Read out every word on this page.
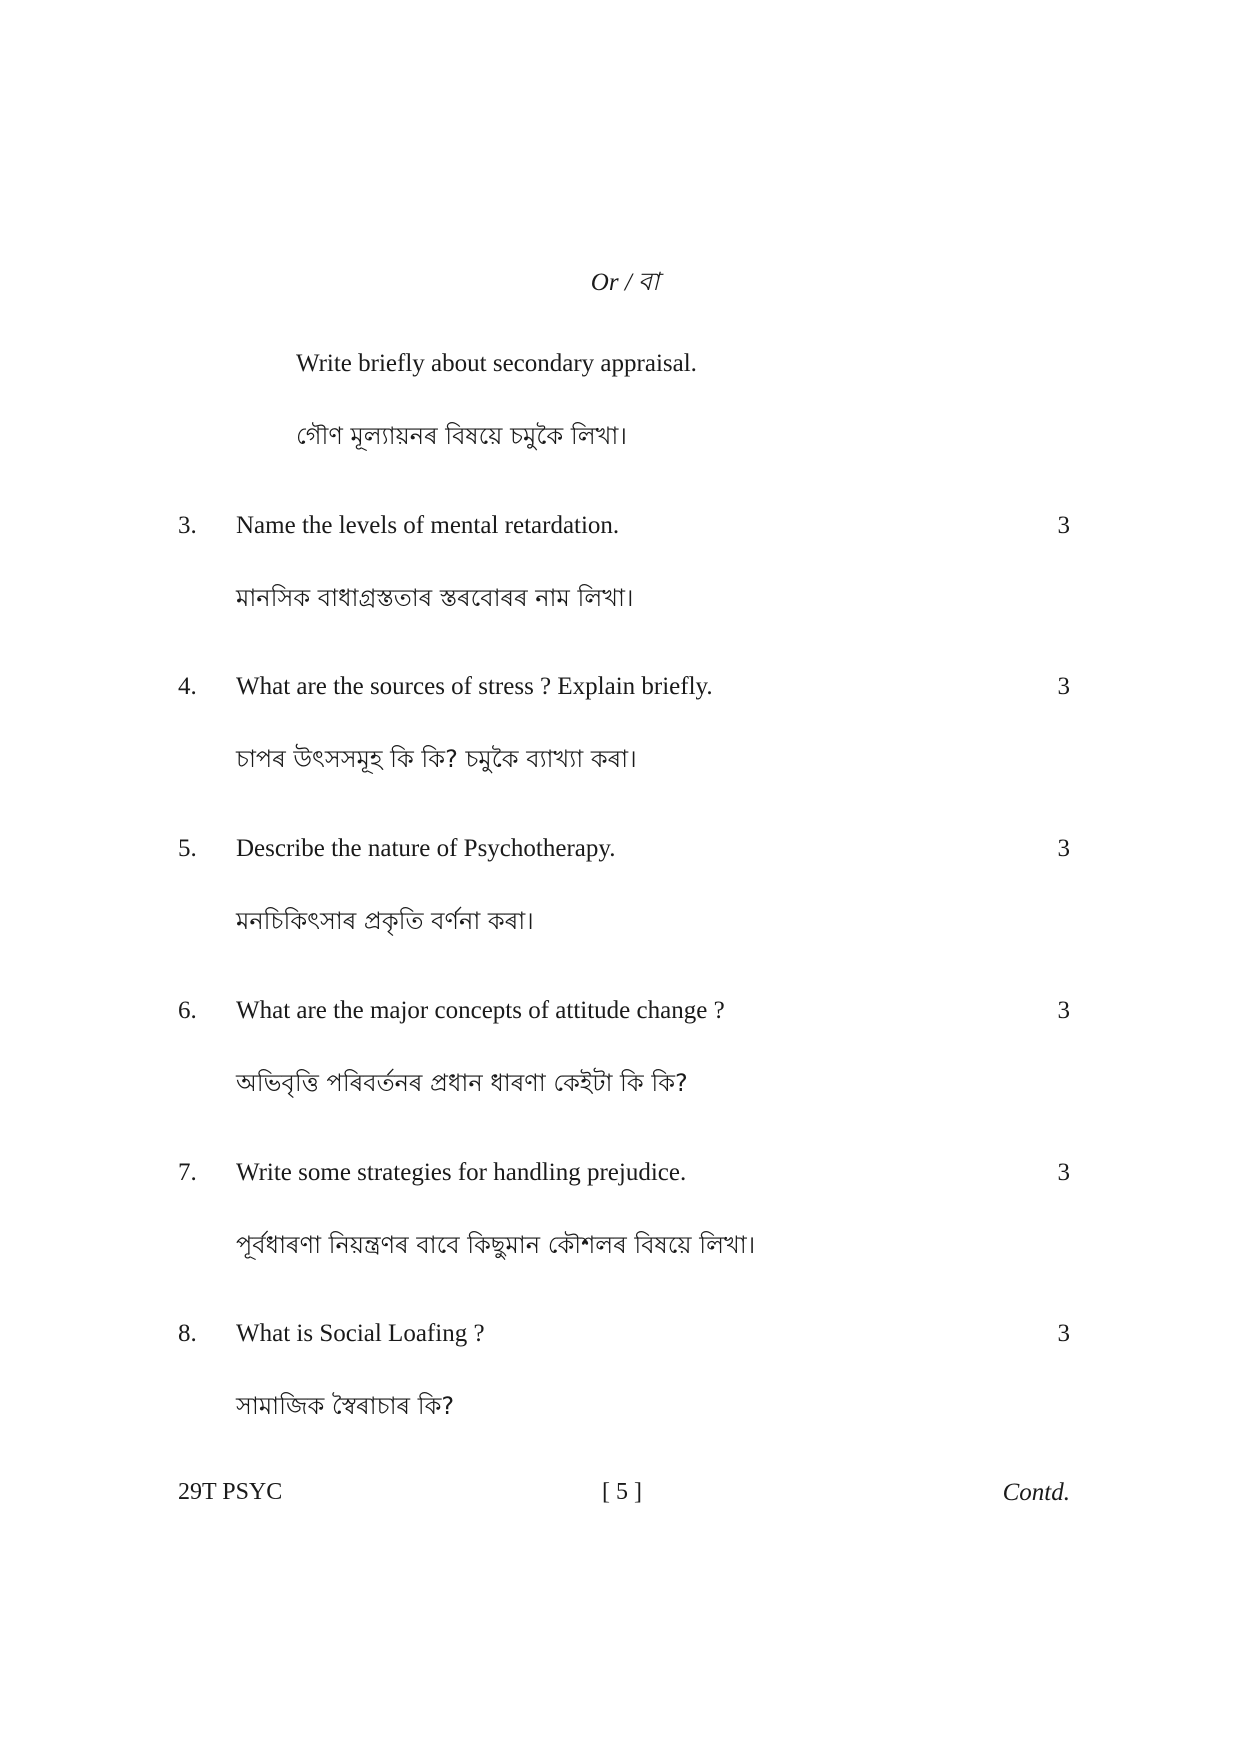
Or / বা
Write briefly about secondary appraisal.
গৌণ মূল্যায়নৰ বিষয়ে চমুকৈ লিখা।
3. Name the levels of mental retardation.	3
মানসিক বাধাগ্ৰস্ততাৰ স্তৰবোৰৰ নাম লিখা।
4. What are the sources of stress ? Explain briefly.	3
চাপৰ উৎসসমূহ কি কি? চমুকৈ ব্যাখ্যা কৰা।
5. Describe the nature of Psychotherapy.	3
মনচিকিৎসাৰ প্ৰকৃতি বৰ্ণনা কৰা।
6. What are the major concepts of attitude change ?	3
অভিবৃত্তি পৰিবৰ্তনৰ প্ৰধান ধাৰণা কেইটা কি কি?
7. Write some strategies for handling prejudice.	3
পূৰ্বধাৰণা নিয়ন্ত্ৰণৰ বাবে কিছুমান কৌশলৰ বিষয়ে লিখা।
8. What is Social Loafing ?	3
সামাজিক স্বৈৰাচাৰ কি?
29T PSYC	[ 5 ]	Contd.
